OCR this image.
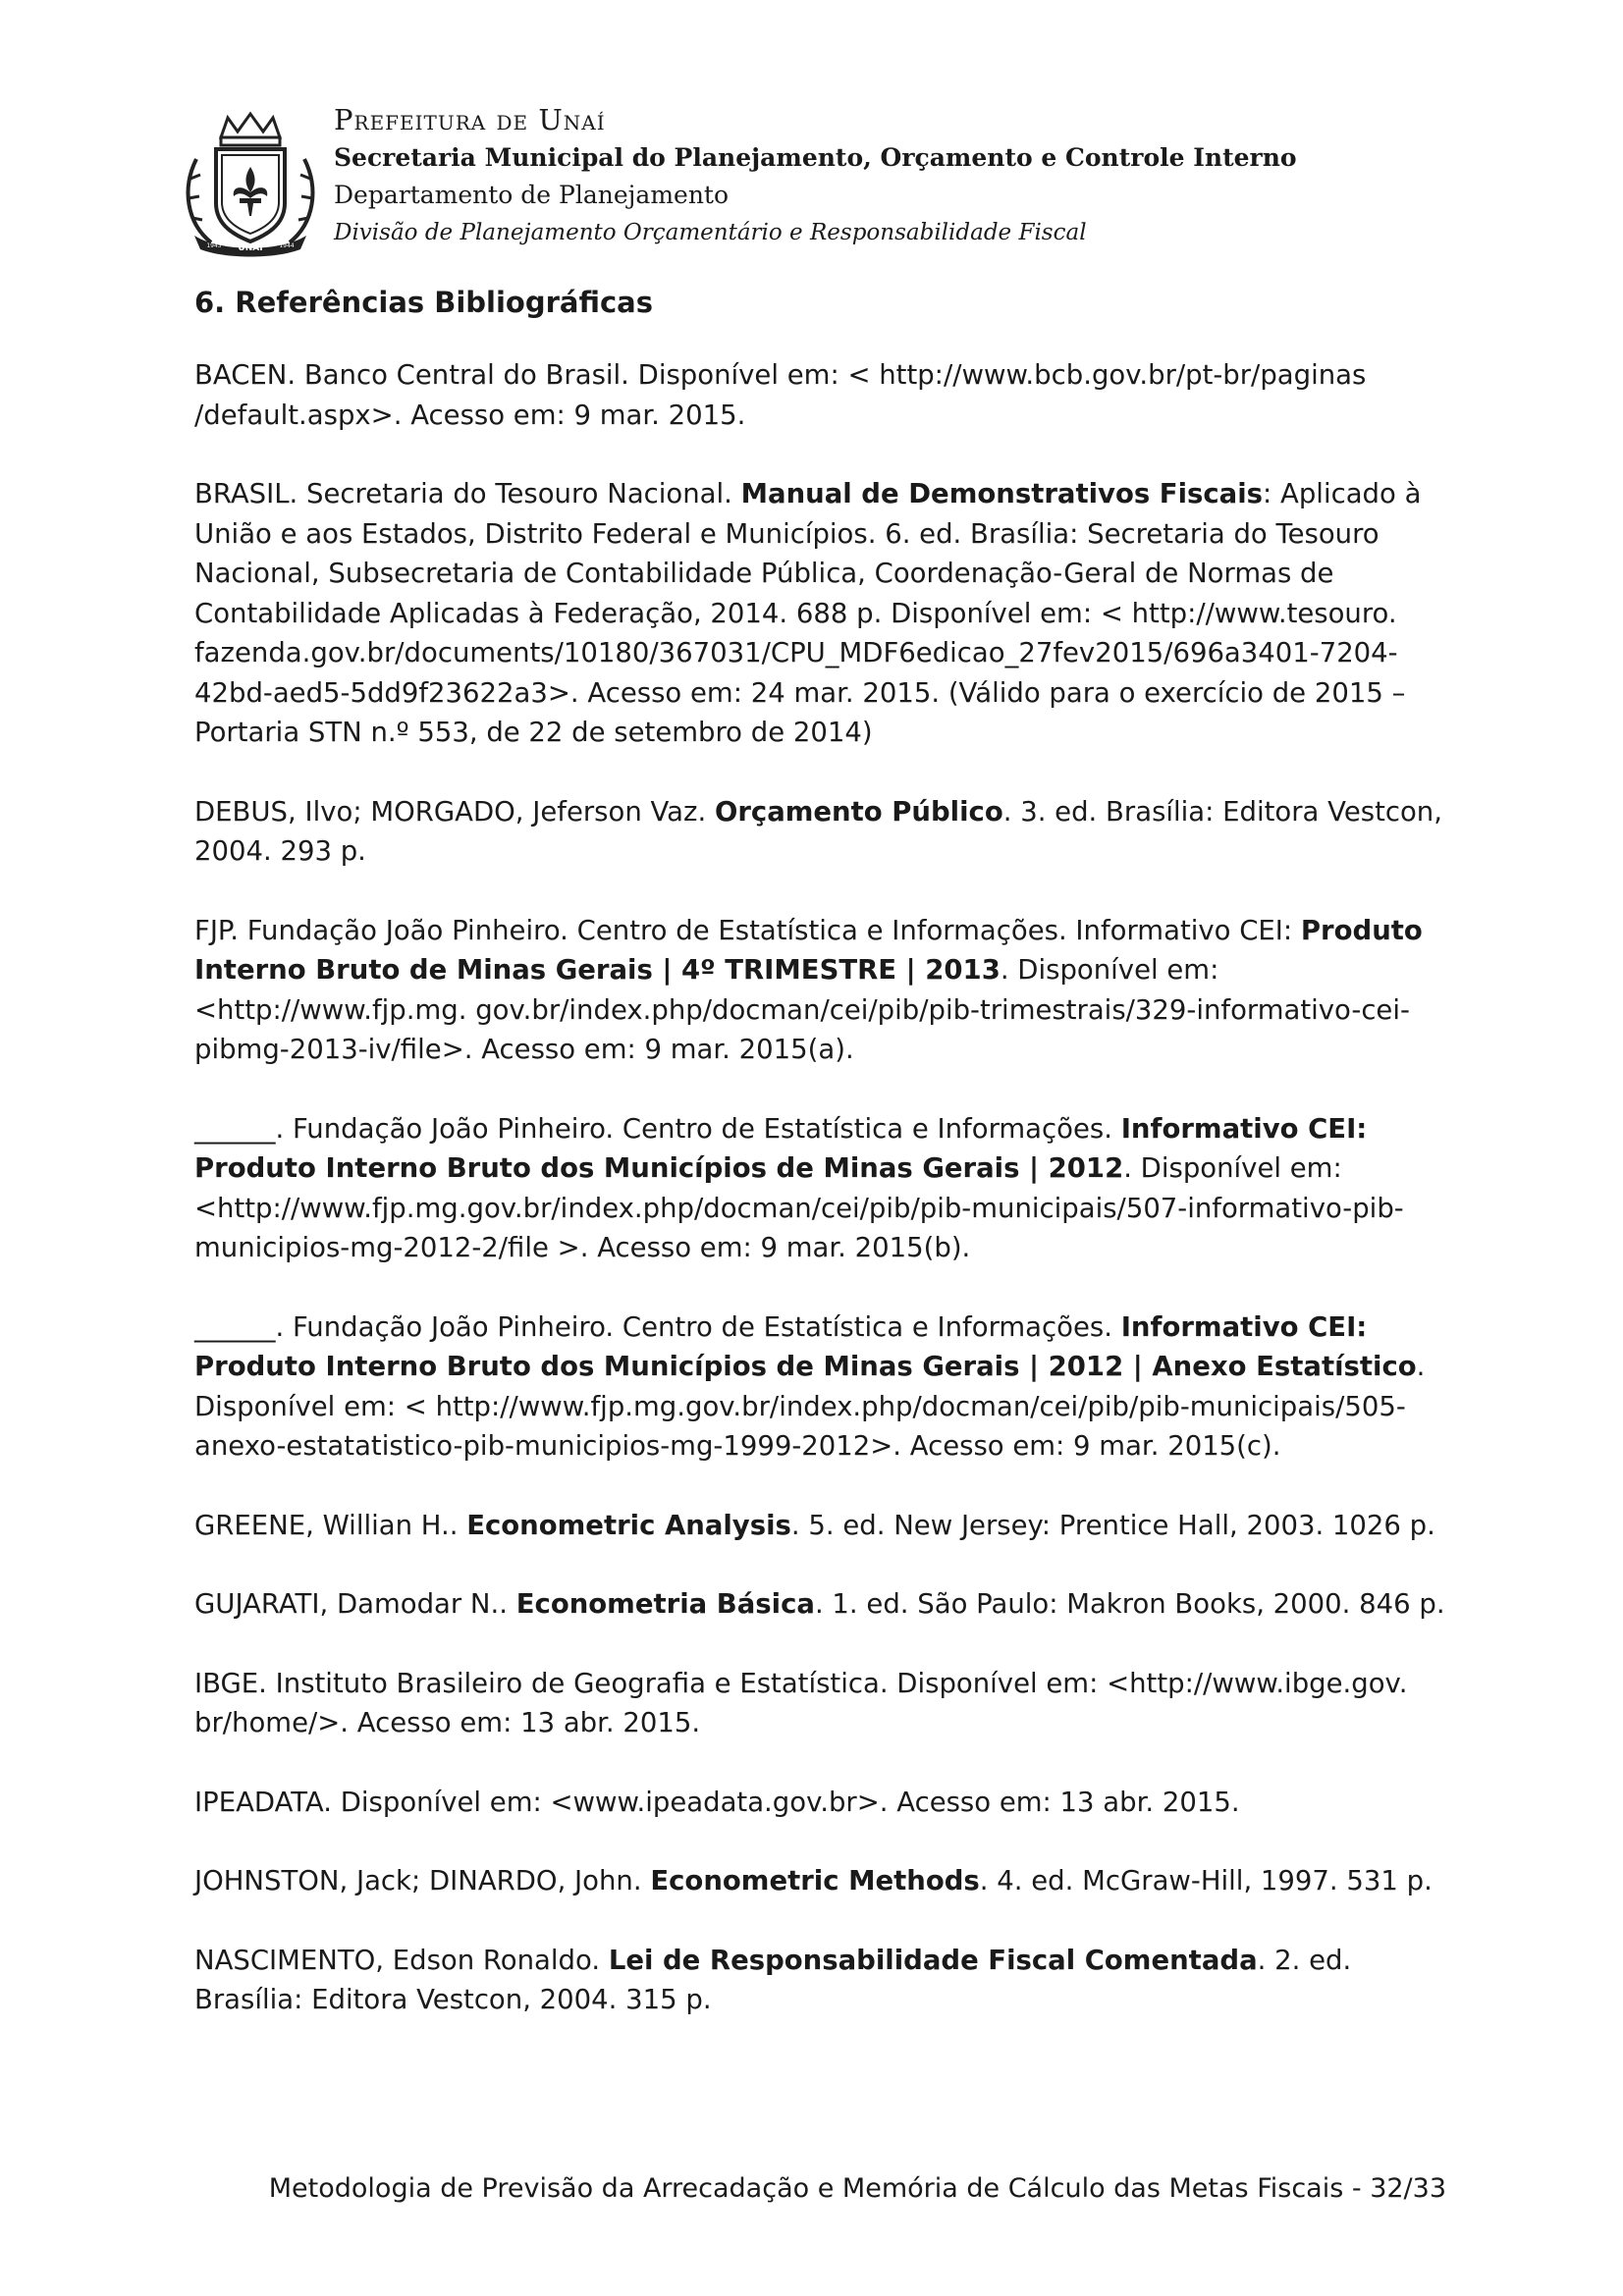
UNAÍ
1943	1944
Prefeitura de Unaí
Secretaria Municipal do Planejamento, Orçamento e Controle Interno
Departamento de Planejamento
Divisão de Planejamento Orçamentário e Responsabilidade Fiscal
6. Referências Bibliográficas
BACEN. Banco Central do Brasil. Disponível em: < http://www.bcb.gov.br/pt-br/paginas /default.aspx>. Acesso em: 9 mar. 2015.
BRASIL. Secretaria do Tesouro Nacional. Manual de Demonstrativos Fiscais: Aplicado à União e aos Estados, Distrito Federal e Municípios. 6. ed. Brasília: Secretaria do Tesouro Nacional, Subsecretaria de Contabilidade Pública, Coordenação-Geral de Normas de Contabilidade Aplicadas à Federação, 2014. 688 p. Disponível em: < http://www.tesouro. fazenda.gov.br/documents/10180/367031/CPU_MDF6edicao_27fev2015/696a3401-7204-42bd-aed5-5dd9f23622a3>. Acesso em: 24 mar. 2015. (Válido para o exercício de 2015 – Portaria STN n.º 553, de 22 de setembro de 2014)
DEBUS, Ilvo; MORGADO, Jeferson Vaz. Orçamento Público. 3. ed. Brasília: Editora Vestcon, 2004. 293 p.
FJP. Fundação João Pinheiro. Centro de Estatística e Informações. Informativo CEI: Produto Interno Bruto de Minas Gerais | 4º TRIMESTRE | 2013. Disponível em: <http://www.fjp.mg. gov.br/index.php/docman/cei/pib/pib-trimestrais/329-informativo-cei-pibmg-2013-iv/file>. Acesso em: 9 mar. 2015(a).
______. Fundação João Pinheiro. Centro de Estatística e Informações. Informativo CEI: Produto Interno Bruto dos Municípios de Minas Gerais | 2012. Disponível em: <http://www.fjp.mg.gov.br/index.php/docman/cei/pib/pib-municipais/507-informativo-pib-municipios-mg-2012-2/file >. Acesso em: 9 mar. 2015(b).
______. Fundação João Pinheiro. Centro de Estatística e Informações. Informativo CEI: Produto Interno Bruto dos Municípios de Minas Gerais | 2012 | Anexo Estatístico. Disponível em: < http://www.fjp.mg.gov.br/index.php/docman/cei/pib/pib-municipais/505-anexo-estatatistico-pib-municipios-mg-1999-2012>. Acesso em: 9 mar. 2015(c).
GREENE, Willian H.. Econometric Analysis. 5. ed. New Jersey: Prentice Hall, 2003. 1026 p.
GUJARATI, Damodar N.. Econometria Básica. 1. ed. São Paulo: Makron Books, 2000. 846 p.
IBGE. Instituto Brasileiro de Geografia e Estatística. Disponível em: <http://www.ibge.gov. br/home/>. Acesso em: 13 abr. 2015.
IPEADATA. Disponível em: <www.ipeadata.gov.br>. Acesso em: 13 abr. 2015.
JOHNSTON, Jack; DINARDO, John. Econometric Methods. 4. ed. McGraw-Hill, 1997. 531 p.
NASCIMENTO, Edson Ronaldo. Lei de Responsabilidade Fiscal Comentada. 2. ed. Brasília: Editora Vestcon, 2004. 315 p.
Metodologia de Previsão da Arrecadação e Memória de Cálculo das Metas Fiscais - 32/33
